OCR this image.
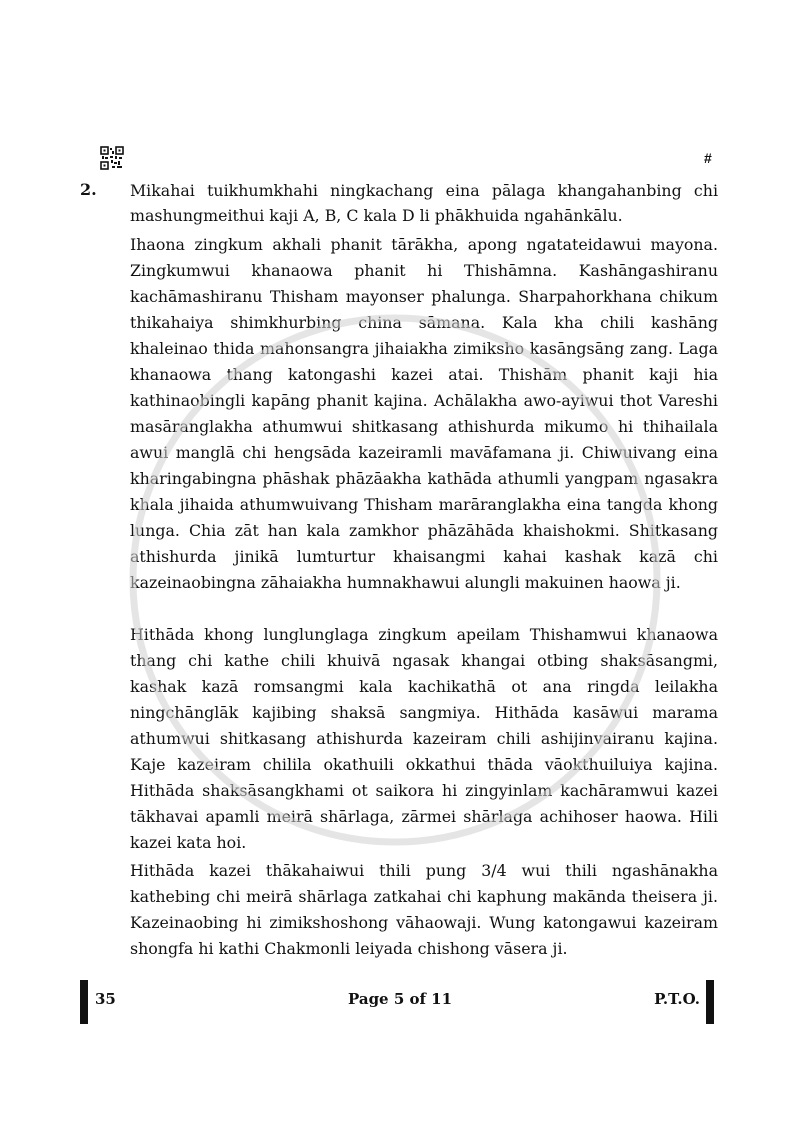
#
2. Mikahai tuikhumkhahi ningkachang eina pālaga khangahanbing chi mashungmeithui kaji A, B, C kala D li phākhuida ngahānkālu.

Ihaona zingkum akhali phanit tārākha, apong ngatateidawui mayona. Zingkumwui khanaowa phanit hi Thishāmna. Kashāngashiranu kachāmashiranu Thisham mayonser phalunga. Sharpahorkhana chikum thikahaiya shimkhurbing china sāmana. Kala kha chili kashāng khaleinao thida mahonsangra jihaiakha zimiksho kasāngsāng zang. Laga khanaowa thang katongashi kazei atai. Thishām phanit kaji hia kathinaobingli kapāng phanit kajina. Achālakha awo-ayiwui thot Vareshi masāranglakha athumwui shitkasang athishurda mikumo hi thihailala awui manglā chi hengsāda kazeiramli mavāfamana ji. Chiwuivang eina kharingabingna phāshak phāzāakha kathāda athumli yangpam ngasakra khala jihaida athumwuivang Thisham marāranglakha eina tangda khong lunga. Chia zāt han kala zamkhor phāzāhāda khaishokmi. Shitkasang athishurda jinikā lumturtur khaisangmi kahai kashak kazā chi kazeinaobingna zāhaiakha humnakhawui alungli makuinen haowa ji.

Hithāda khong lunglunglaga zingkum apeilam Thishamwui khanaowa thang chi kathe chili khuivā ngasak khangai otbing shaksāsangmi, kashak kazā romsangmi kala kachikathā ot ana ringda leilakha ningchānglāk kajibing shaksā sangmiya. Hithāda kasāwui marama athumwui shitkasang athishurda kazeiram chili ashijinvairanu kajina. Kaje kazeiram chilila okathuili okkathui thāda vāokthuiluiya kajina. Hithāda shaksāsangkhami ot saikora hi zingyinlam kachāramwui kazei tākhavai apamli meirā shārlaga, zārmei shārlaga achihoser haowa. Hili kazei kata hoi.

Hithāda kazei thākahaiwui thili pung 3/4 wui thili ngashānakha kathebing chi meirā shārlaga zatkahai chi kaphung makānda theisera ji. Kazeinaobing hi zimikshoshong vāhaowaji. Wung katongawui kazeiram shongfa hi kathi Chakmonli leiyada chishong vāsera ji.

35	Page 5 of 11	P.T.O.
